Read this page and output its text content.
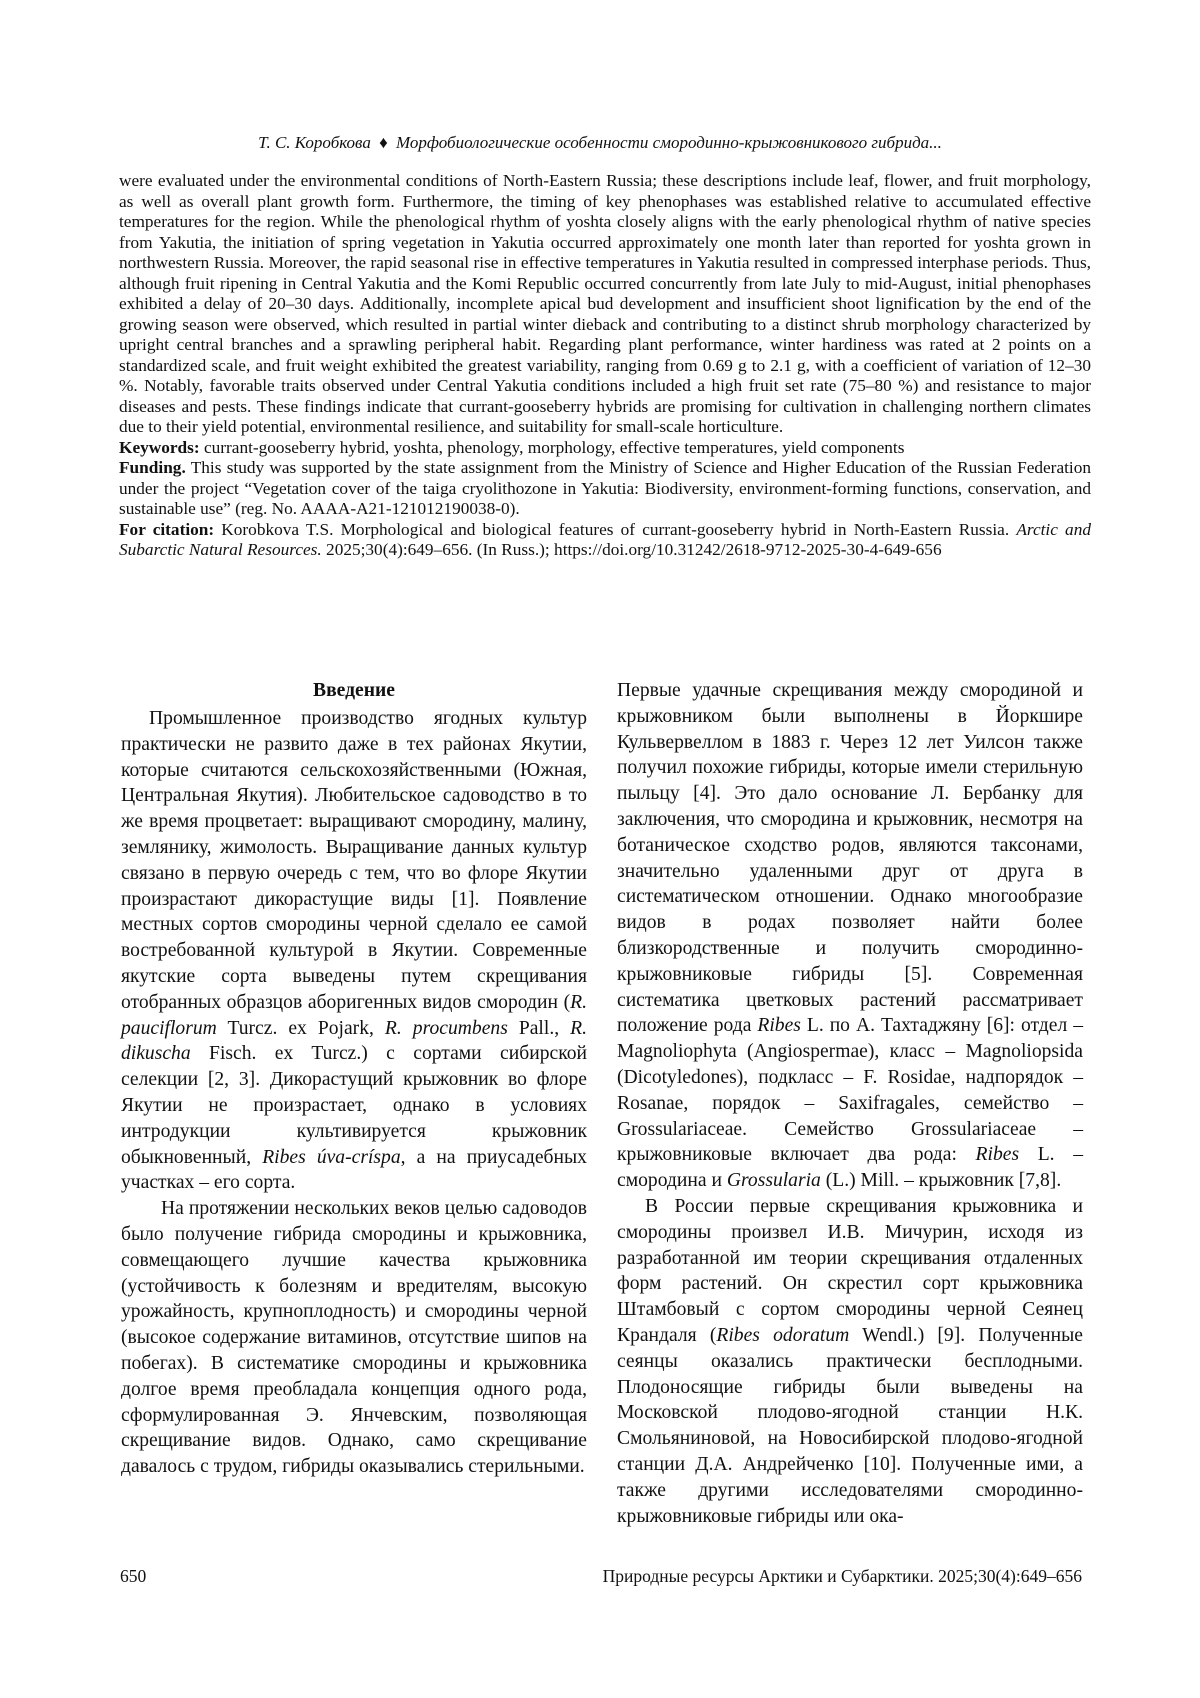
Т. С. Коробкова ♦ Морфобиологические особенности смородинно-крыжовникового гибрида...

were evaluated under the environmental conditions of North-Eastern Russia; these descriptions include leaf, flower, and fruit morphology, as well as overall plant growth form. Furthermore, the timing of key phenophases was established relative to accumulated effective temperatures for the region. While the phenological rhythm of yoshta closely aligns with the early phenological rhythm of native species from Yakutia, the initiation of spring vegetation in Yakutia occurred approximately one month later than reported for yoshta grown in northwestern Russia. Moreover, the rapid seasonal rise in effective temperatures in Yakutia resulted in compressed interphase periods. Thus, although fruit ripening in Central Yakutia and the Komi Republic occurred concurrently from late July to mid-August, initial phenophases exhibited a delay of 20–30 days. Additionally, incomplete apical bud development and insufficient shoot lignification by the end of the growing season were observed, which resulted in partial winter dieback and contributing to a distinct shrub morphology characterized by upright central branches and a sprawling peripheral habit. Regarding plant performance, winter hardiness was rated at 2 points on a standardized scale, and fruit weight exhibited the greatest variability, ranging from 0.69 g to 2.1 g, with a coefficient of variation of 12–30 %. Notably, favorable traits observed under Central Yakutia conditions included a high fruit set rate (75–80 %) and resistance to major diseases and pests. These findings indicate that currant-gooseberry hybrids are promising for cultivation in challenging northern climates due to their yield potential, environmental resilience, and suitability for small-scale horticulture.

Keywords: currant-gooseberry hybrid, yoshta, phenology, morphology, effective temperatures, yield components

Funding. This study was supported by the state assignment from the Ministry of Science and Higher Education of the Russian Federation under the project “Vegetation cover of the taiga cryolithozone in Yakutia: Biodiversity, environment-forming functions, conservation, and sustainable use” (reg. No. AAAA-A21-121012190038-0).

For citation: Korobkova T.S. Morphological and biological features of currant-gooseberry hybrid in North-Eastern Russia. Arctic and Subarctic Natural Resources. 2025;30(4):649–656. (In Russ.); https://doi.org/10.31242/2618-9712-2025-30-4-649-656

Введение

Промышленное производство ягодных культур практически не развито даже в тех районах Якутии, которые считаются сельскохозяйственными (Южная, Центральная Якутия). Любительское садоводство в то же время процветает: выращивают смородину, малину, землянику, жимолость. Выращивание данных культур связано в первую очередь с тем, что во флоре Якутии произрастают дикорастущие виды [1]. Появление местных сортов смородины черной сделало ее самой востребованной культурой в Якутии. Современные якутские сорта выведены путем скрещивания отобранных образцов аборигенных видов смородин (R. pauciflorum Turcz. ex Pojark, R. procumbens Pall., R. dikuscha Fisch. ex Turcz.) с сортами сибирской селекции [2, 3]. Дикорастущий крыжовник во флоре Якутии не произрастает, однако в условиях интродукции культивируется крыжовник обыкновенный, Ribes úva-críspa, а на приусадебных участках – его сорта.

На протяжении нескольких веков целью садоводов было получение гибрида смородины и крыжовника, совмещающего лучшие качества крыжовника (устойчивость к болезням и вредителям, высокую урожайность, крупноплодность) и смородины черной (высокое содержание витаминов, отсутствие шипов на побегах). В систематике смородины и крыжовника долгое время преобладала концепция одного рода, сформулированная Э. Янчевским, позволяющая скрещивание видов. Однако, само скрещивание давалось с трудом, гибриды оказывались стерильными.

Первые удачные скрещивания между смородиной и крыжовником были выполнены в Йоркшире Кульвервеллом в 1883 г. Через 12 лет Уилсон также получил похожие гибриды, которые имели стерильную пыльцу [4]. Это дало основание Л. Бербанку для заключения, что смородина и крыжовник, несмотря на ботаническое сходство родов, являются таксонами, значительно удаленными друг от друга в систематическом отношении. Однако многообразие видов в родах позволяет найти более близкородственные и получить смородинно-крыжовниковые гибриды [5]. Современная систематика цветковых растений рассматривает положение рода Ribes L. по А. Тахтаджяну [6]: отдел – Magnoliophyta (Angiospermae), класс – Magnoliopsida (Dicotyledones), подкласс – F. Rosidae, надпорядок – Rosanae, порядок – Saxifragales, семейство – Grossulariaceae. Семейство Grossulariaceae – крыжовниковые включает два рода: Ribes L. – смородина и Grossularia (L.) Mill. – крыжовник [7,8].

В России первые скрещивания крыжовника и смородины произвел И.В. Мичурин, исходя из разработанной им теории скрещивания отдаленных форм растений. Он скрестил сорт крыжовника Штамбовый с сортом смородины черной Сеянец Крандаля (Ribes odoratum Wendl.) [9]. Полученные сеянцы оказались практически бесплодными. Плодоносящие гибриды были выведены на Московской плодово-ягодной станции Н.К. Смольяниновой, на Новосибирской плодово-ягодной станции Д.А. Андрейченко [10]. Полученные ими, а также другими исследователями смородинно-крыжовниковые гибриды или ока-

650	Природные ресурсы Арктики и Субарктики. 2025;30(4):649–656
